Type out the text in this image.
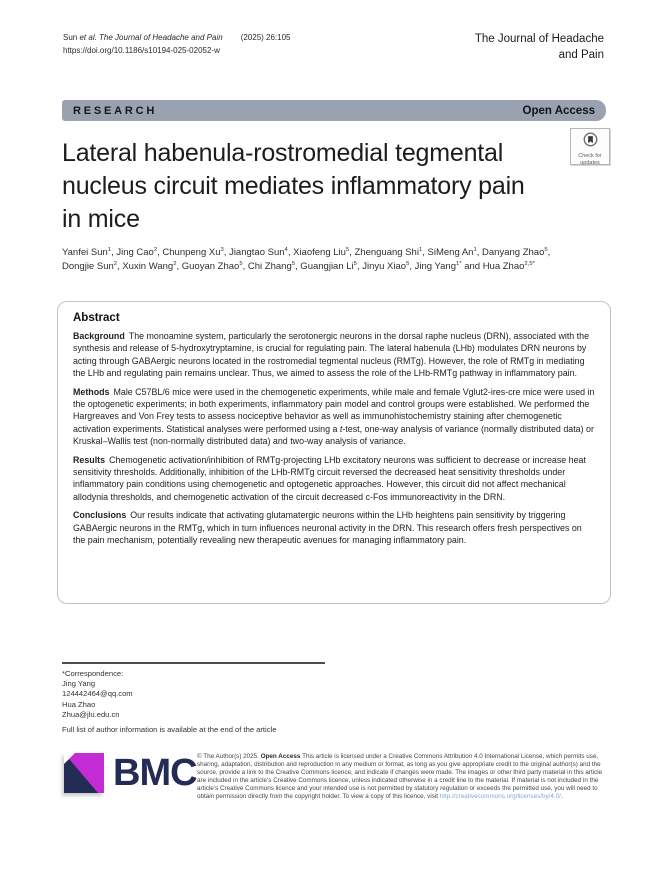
Sun et al. The Journal of Headache and Pain (2025) 26:105
https://doi.org/10.1186/s10194-025-02052-w
The Journal of Headache
and Pain
RESEARCH	Open Access
Lateral habenula-rostromedial tegmental
nucleus circuit mediates inflammatory pain
in mice
Check for
updates
Yanfei Sun$^1$, Jing Cao$^2$, Chunpeng Xu$^3$, Jiangtao Sun$^4$, Xiaofeng Liu$^5$, Zhenguang Shi$^1$, SiMeng An$^1$, Danyang Zhao$^5$,
Dongjie Sun$^2$, Xuxin Wang$^2$, Guoyan Zhao$^5$, Chi Zhang$^5$, Guangjian Li$^5$, Jinyu Xiao$^5$, Jing Yang$^{1*}$ and Hua Zhao$^{2,5*}$
Abstract
Background The monoamine system, particularly the serotonergic neurons in the dorsal raphe nucleus (DRN), associated with the synthesis and release of 5-hydroxytryptamine, is crucial for regulating pain. The lateral habenula (LHb) modulates DRN neurons by acting through GABAergic neurons located in the rostromedial tegmental nucleus (RMTg). However, the role of RMTg in mediating the LHb and regulating pain remains unclear. Thus, we aimed to assess the role of the LHb-RMTg pathway in inflammatory pain.
Methods Male C57BL/6 mice were used in the chemogenetic experiments, while male and female Vglut2-ires-cre mice were used in the optogenetic experiments; in both experiments, inflammatory pain model and control groups were established. We performed the Hargreaves and Von Frey tests to assess nociceptive behavior as well as immunohistochemistry staining after chemogenetic activation experiments. Statistical analyses were performed using a t-test, one-way analysis of variance (normally distributed data) or Kruskal–Wallis test (non-normally distributed data) and two-way analysis of variance.
Results Chemogenetic activation/inhibition of RMTg-projecting LHb excitatory neurons was sufficient to decrease or increase heat sensitivity thresholds. Additionally, inhibition of the LHb-RMTg circuit reversed the decreased heat sensitivity thresholds under inflammatory pain conditions using chemogenetic and optogenetic approaches. However, this circuit did not affect mechanical allodynia thresholds, and chemogenetic activation of the circuit decreased c-Fos immunoreactivity in the DRN.
Conclusions Our results indicate that activating glutamatergic neurons within the LHb heightens pain sensitivity by triggering GABAergic neurons in the RMTg, which in turn influences neuronal activity in the DRN. This research offers fresh perspectives on the pain mechanism, potentially revealing new therapeutic avenues for managing inflammatory pain.
*Correspondence:
Jing Yang
124442464@qq.com
Hua Zhao
Zhua@jlu.edu.cn
Full list of author information is available at the end of the article
BMC © The Author(s) 2025. Open Access This article is licensed under a Creative Commons Attribution 4.0 International License, which permits use, sharing, adaptation, distribution and reproduction in any medium or format, as long as you give appropriate credit to the original author(s) and the source, provide a link to the Creative Commons licence, and indicate if changes were made. The images or other third party material in this article are included in the article’s Creative Commons licence, unless indicated otherwise in a credit line to the material. If material is not included in the article’s Creative Commons licence and your intended use is not permitted by statutory regulation or exceeds the permitted use, you will need to obtain permission directly from the copyright holder. To view a copy of this licence, visit http://creativecommons.org/licenses/by/4.0/.
